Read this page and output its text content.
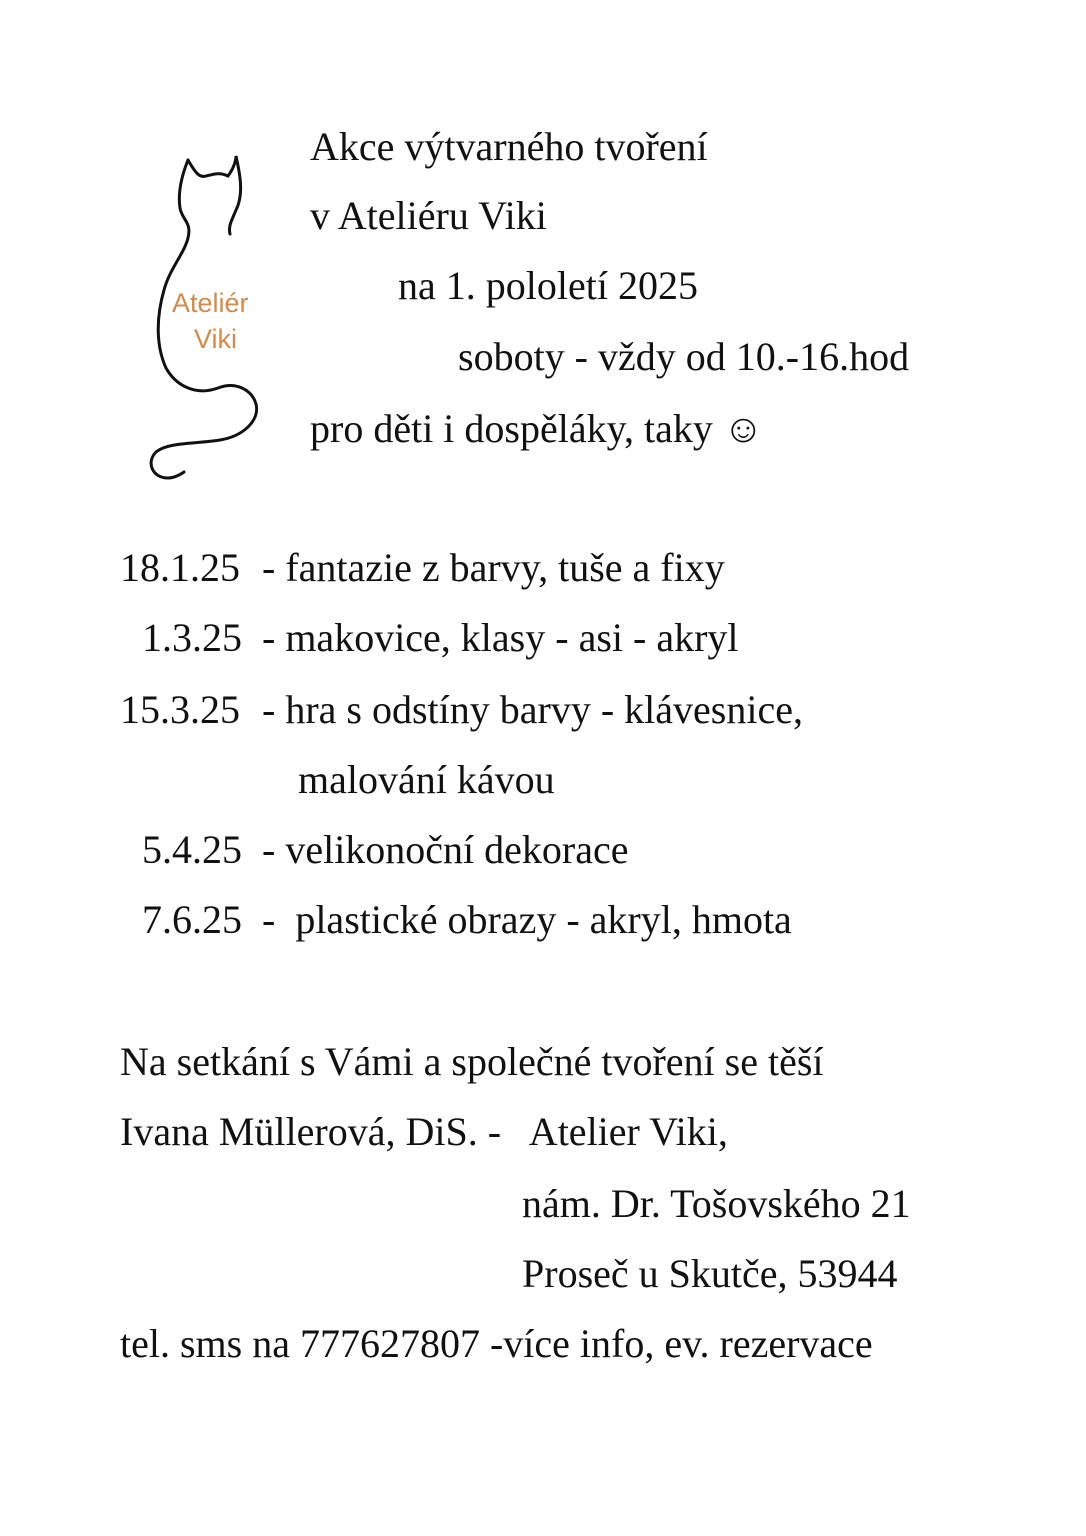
Ateliér
Viki
Akce výtvarného tvoření
v Ateliéru Viki
na 1. pololetí 2025
soboty - vždy od 10.-16.hod
pro děti i dospěláky, taky ☺
18.1.25 - fantazie z barvy, tuše a fixy
1.3.25 - makovice, klasy - asi - akryl
15.3.25 - hra s odstíny barvy - klávesnice,
malování kávou
5.4.25 - velikonoční dekorace
7.6.25 -  plastické obrazy - akryl, hmota
Na setkání s Vámi a společné tvoření se těší
Ivana Müllerová, DiS. -   Atelier Viki,
nám. Dr. Tošovského 21
Proseč u Skutče, 53944
tel. sms na 777627807 -více info, ev. rezervace
